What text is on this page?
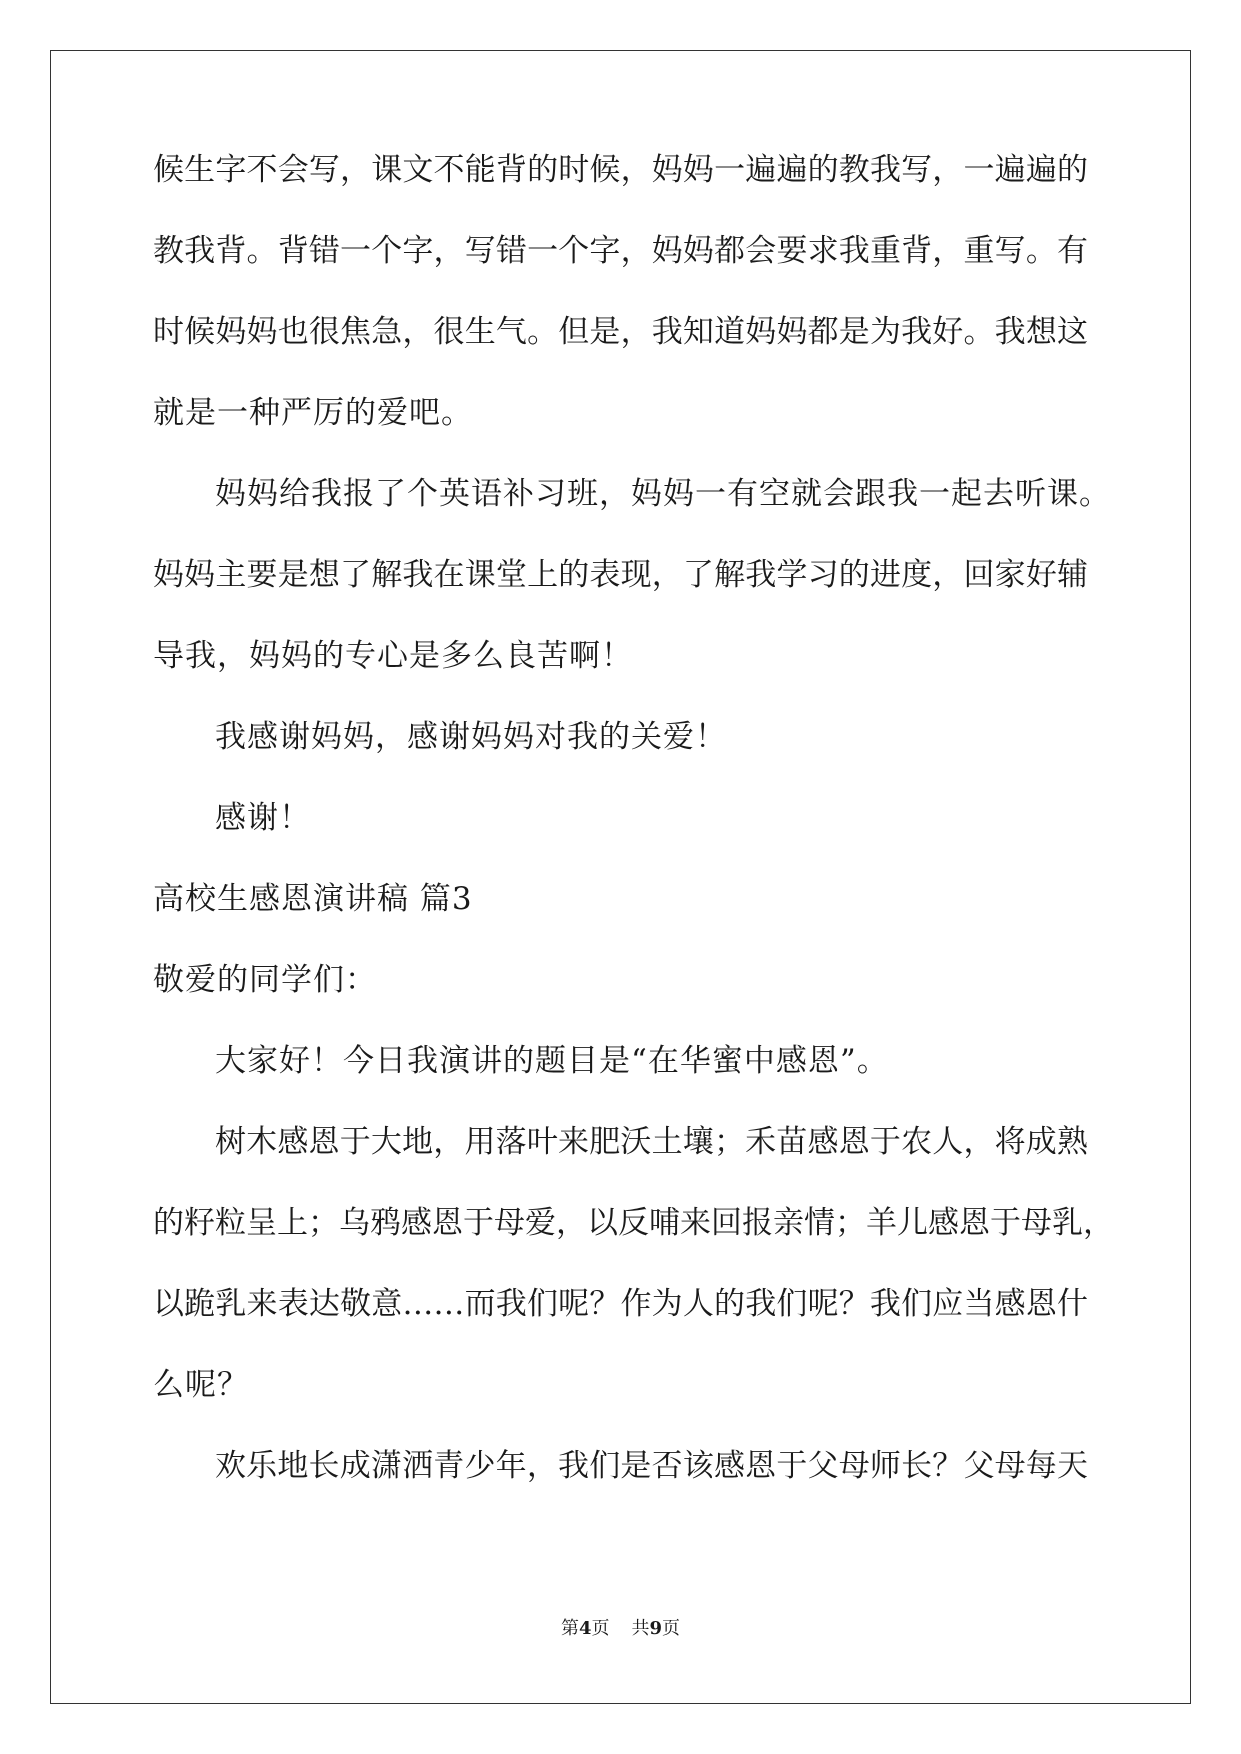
候生字不会写，课文不能背的时候，妈妈一遍遍的教我写，一遍遍的
教我背。背错一个字，写错一个字，妈妈都会要求我重背，重写。有
时候妈妈也很焦急，很生气。但是，我知道妈妈都是为我好。我想这
就是一种严厉的爱吧。
妈妈给我报了个英语补习班，妈妈一有空就会跟我一起去听课。
妈妈主要是想了解我在课堂上的表现，了解我学习的进度，回家好辅
导我，妈妈的专心是多么良苦啊！
我感谢妈妈，感谢妈妈对我的关爱！
感谢！
高校生感恩演讲稿 篇3
敬爱的同学们：
大家好！今日我演讲的题目是“在华蜜中感恩”。
树木感恩于大地，用落叶来肥沃土壤；禾苗感恩于农人，将成熟
的籽粒呈上；乌鸦感恩于母爱，以反哺来回报亲情；羊儿感恩于母乳，
以跪乳来表达敬意……而我们呢？作为人的我们呢？我们应当感恩什
么呢？
欢乐地长成潇洒青少年，我们是否该感恩于父母师长？父母每天
第4页 共9页
